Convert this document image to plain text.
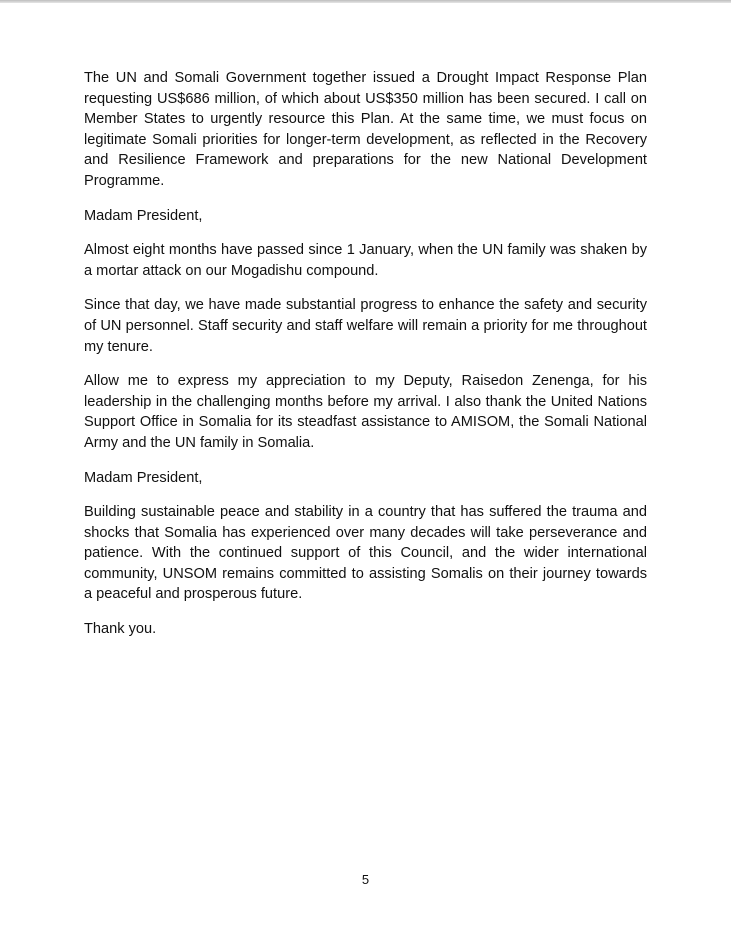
The UN and Somali Government together issued a Drought Impact Response Plan requesting US$686 million, of which about US$350 million has been secured. I call on Member States to urgently resource this Plan. At the same time, we must focus on legitimate Somali priorities for longer-term development, as reflected in the Recovery and Resilience Framework and preparations for the new National Development Programme.

Madam President,

Almost eight months have passed since 1 January, when the UN family was shaken by a mortar attack on our Mogadishu compound.

Since that day, we have made substantial progress to enhance the safety and security of UN personnel. Staff security and staff welfare will remain a priority for me throughout my tenure.

Allow me to express my appreciation to my Deputy, Raisedon Zenenga, for his leadership in the challenging months before my arrival. I also thank the United Nations Support Office in Somalia for its steadfast assistance to AMISOM, the Somali National Army and the UN family in Somalia.

Madam President,

Building sustainable peace and stability in a country that has suffered the trauma and shocks that Somalia has experienced over many decades will take perseverance and patience. With the continued support of this Council, and the wider international community, UNSOM remains committed to assisting Somalis on their journey towards a peaceful and prosperous future.

Thank you.

5
